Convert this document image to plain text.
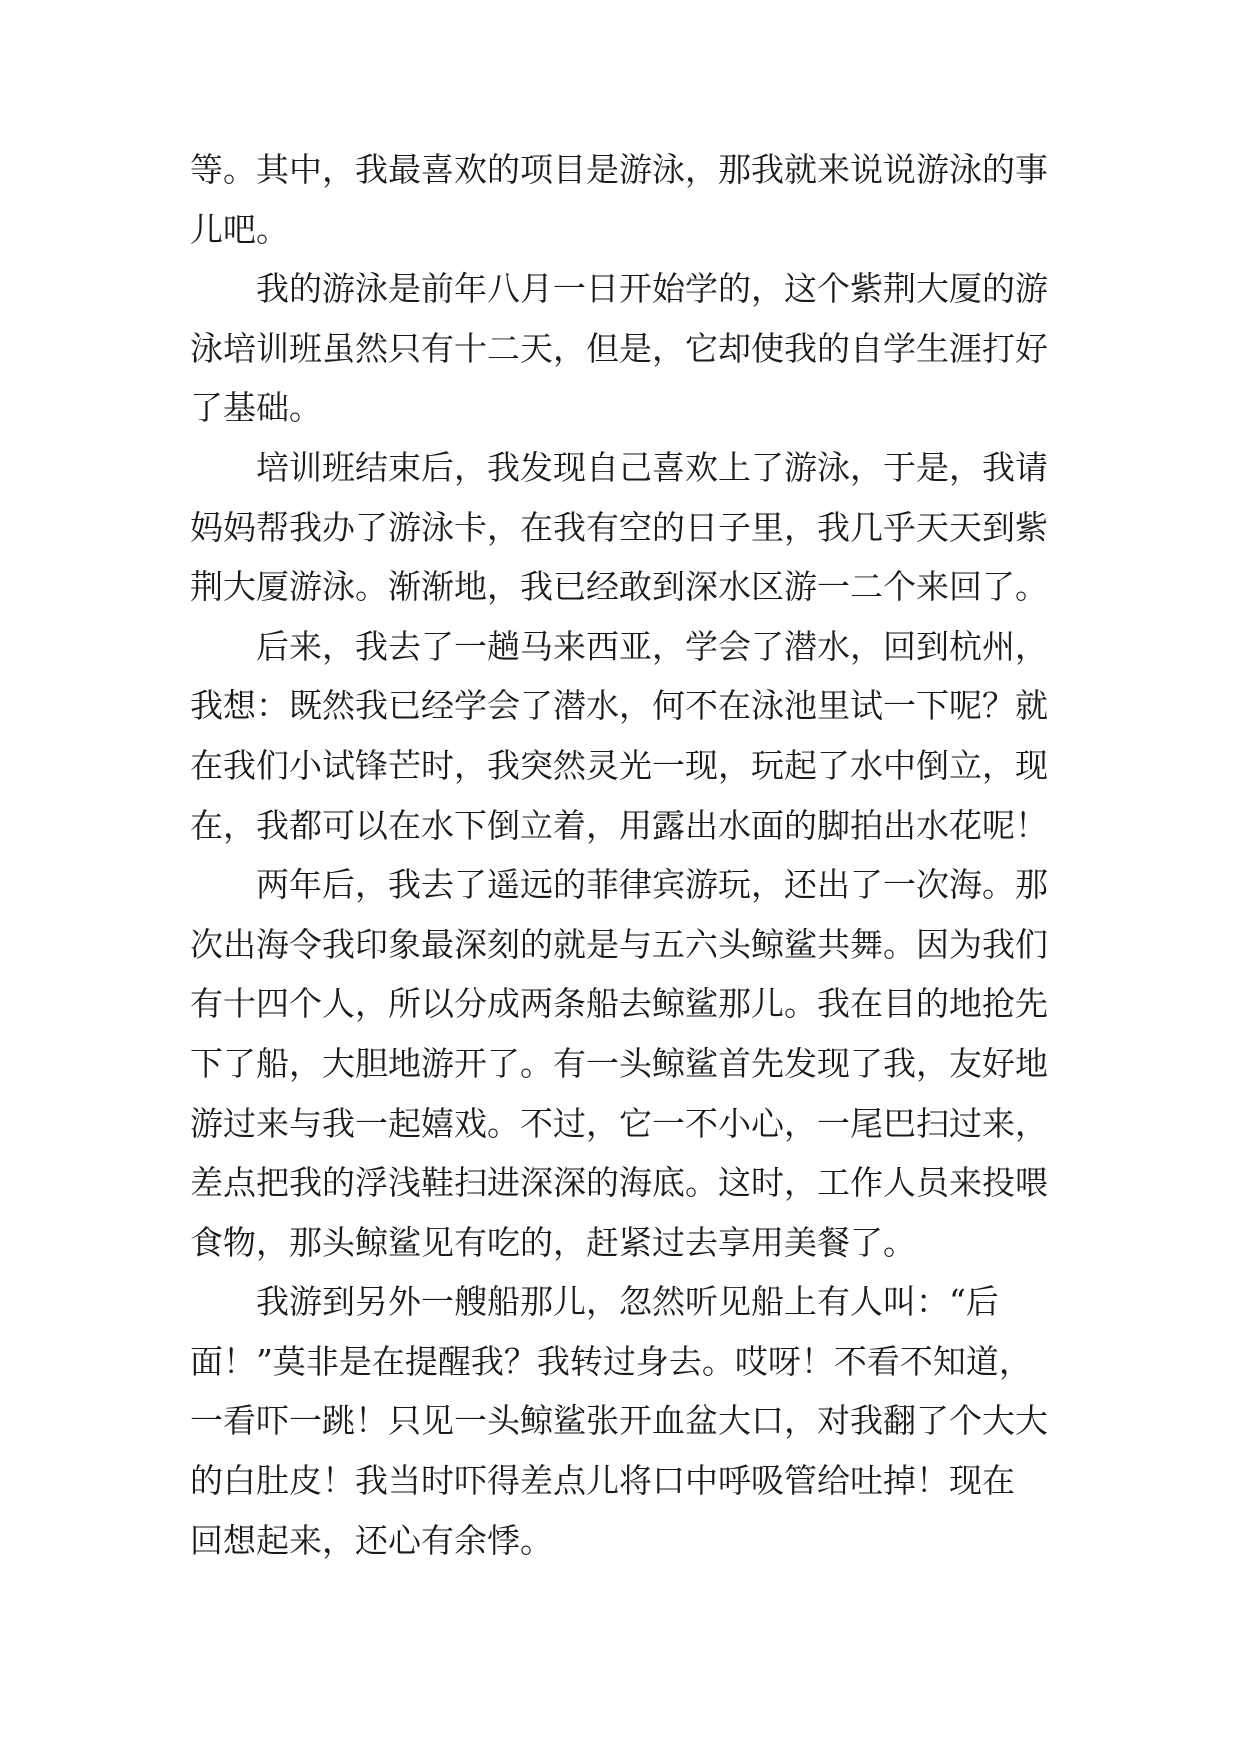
等。其中，我最喜欢的项目是游泳，那我就来说说游泳的事
儿吧。
我的游泳是前年八月一日开始学的，这个紫荆大厦的游
泳培训班虽然只有十二天，但是，它却使我的自学生涯打好
了基础。
培训班结束后，我发现自己喜欢上了游泳，于是，我请
妈妈帮我办了游泳卡，在我有空的日子里，我几乎天天到紫
荆大厦游泳。渐渐地，我已经敢到深水区游一二个来回了。
后来，我去了一趟马来西亚，学会了潜水，回到杭州，
我想：既然我已经学会了潜水，何不在泳池里试一下呢？就
在我们小试锋芒时，我突然灵光一现，玩起了水中倒立，现
在，我都可以在水下倒立着，用露出水面的脚拍出水花呢！
两年后，我去了遥远的菲律宾游玩，还出了一次海。那
次出海令我印象最深刻的就是与五六头鲸鲨共舞。因为我们
有十四个人，所以分成两条船去鲸鲨那儿。我在目的地抢先
下了船，大胆地游开了。有一头鲸鲨首先发现了我，友好地
游过来与我一起嬉戏。不过，它一不小心，一尾巴扫过来，
差点把我的浮浅鞋扫进深深的海底。这时，工作人员来投喂
食物，那头鲸鲨见有吃的，赶紧过去享用美餐了。
我游到另外一艘船那儿，忽然听见船上有人叫：“后
面！”莫非是在提醒我？我转过身去。哎呀！不看不知道，
一看吓一跳！只见一头鲸鲨张开血盆大口，对我翻了个大大
的白肚皮！我当时吓得差点儿将口中呼吸管给吐掉！现在
回想起来，还心有余悸。
